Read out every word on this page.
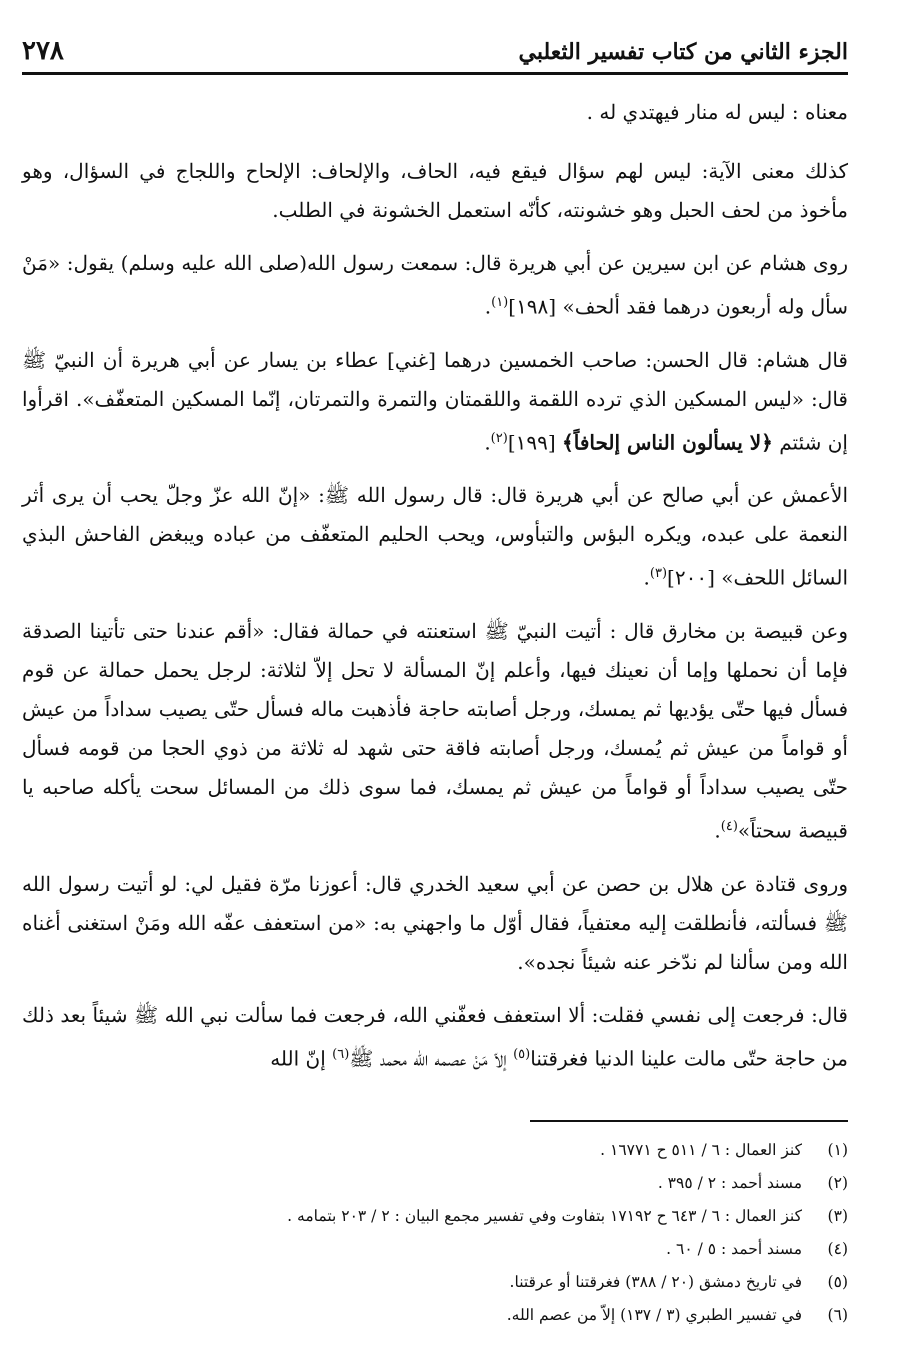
الجزء الثاني من كتاب تفسير الثعلبي
٢٧٨

معناه : ليس له منار فيهتدي له .

كذلك معنى الآية: ليس لهم سؤال فيقع فيه، الحاف، والإلحاف: الإلحاح واللجاج في السؤال، وهو مأخوذ من لحف الحبل وهو خشونته، كأنّه استعمل الخشونة في الطلب.

روى هشام عن ابن سيرين عن أبي هريرة قال: سمعت رسول الله(صلى الله عليه وسلم) يقول: «مَنْ سأل وله أربعون درهما فقد ألحف» [١٩٨]$^{(١)}$.

قال هشام: قال الحسن: صاحب الخمسين درهما [غني] عطاء بن يسار عن أبي هريرة أن النبيّ ﷺ قال: «ليس المسكين الذي ترده اللقمة واللقمتان والتمرة والتمرتان، إنّما المسكين المتعفّف». اقرأوا إن شئتم ﴿لا يسألون الناس إلحافاً﴾ [١٩٩]$^{(٢)}$.

الأعمش عن أبي صالح عن أبي هريرة قال: قال رسول الله ﷺ: «إنّ الله عزّ وجلّ يحب أن يرى أثر النعمة على عبده، ويكره البؤس والتبأوس، ويحب الحليم المتعفّف من عباده ويبغض الفاحش البذي السائل اللحف» [٢٠٠]$^{(٣)}$.

وعن قبيصة بن مخارق قال : أتيت النبيّ ﷺ استعنته في حمالة فقال: «أقم عندنا حتى تأتينا الصدقة فإما أن نحملها وإما أن نعينك فيها، وأعلم إنّ المسألة لا تحل إلاّ لثلاثة: لرجل يحمل حمالة عن قوم فسأل فيها حتّى يؤديها ثم يمسك، ورجل أصابته حاجة فأذهبت ماله فسأل حتّى يصيب سداداً من عيش أو قواماً من عيش ثم يُمسك، ورجل أصابته فاقة حتى شهد له ثلاثة من ذوي الحجا من قومه فسأل حتّى يصيب سداداً أو قواماً من عيش ثم يمسك، فما سوى ذلك من المسائل سحت يأكله صاحبه يا قبيصة سحتاً»$^{(٤)}$.

وروى قتادة عن هلال بن حصن عن أبي سعيد الخدري قال: أعوزنا مرّة فقيل لي: لو أتيت رسول الله ﷺ فسألته، فأنطلقت إليه معتفياً، فقال أوّل ما واجهني به: «من استعفف عفّه الله ومَنْ استغنى أغناه الله ومن سألنا لم ندّخر عنه شيئاً نجده».

قال: فرجعت إلى نفسي فقلت: ألا استعفف فعفّني الله، فرجعت فما سألت نبي الله ﷺ شيئاً بعد ذلك من حاجة حتّى مالت علينا الدنيا فغرقتنا$^{(٥)}$ إلاّ مَنْ عصمه الله محمد ﷺ$^{(٦)}$ إنّ الله

(١)
كنز العمال : ٦ / ٥١١ ح ١٦٧٧١ .
(٢)
مسند أحمد : ٢ / ٣٩٥ .
(٣)
كنز العمال : ٦ / ٦٤٣ ح ١٧١٩٢ بتفاوت وفي تفسير مجمع البيان : ٢ / ٢٠٣ بتمامه .
(٤)
مسند أحمد : ٥ / ٦٠ .
(٥)
في تاريخ دمشق (٢٠ / ٣٨٨) فغرقتنا أو عرقتنا.
(٦)
في تفسير الطبري (٣ / ١٣٧) إلاّ من عصم الله.
